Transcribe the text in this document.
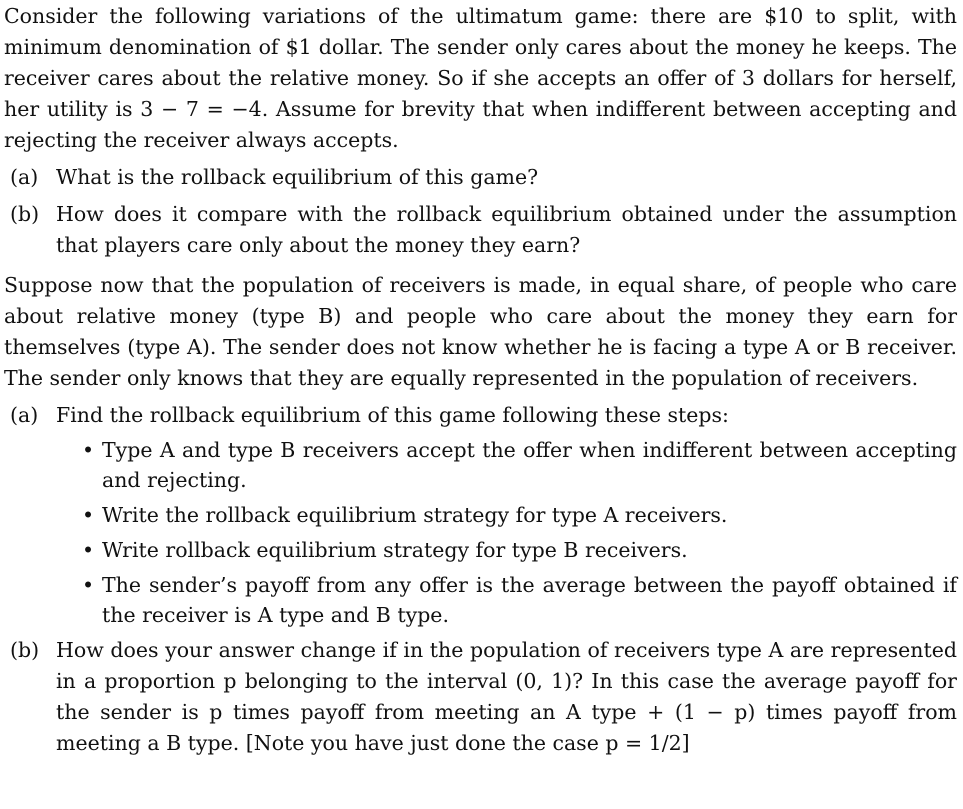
Consider the following variations of the ultimatum game: there are $10 to split, with minimum denomination of $1 dollar. The sender only cares about the money he keeps. The receiver cares about the relative money. So if she accepts an offer of 3 dollars for herself, her utility is 3 − 7 = −4. Assume for brevity that when indifferent between accepting and rejecting the receiver always accepts.

(a) What is the rollback equilibrium of this game?
(b) How does it compare with the rollback equilibrium obtained under the assumption that players care only about the money they earn?

Suppose now that the population of receivers is made, in equal share, of people who care about relative money (type B) and people who care about the money they earn for themselves (type A). The sender does not know whether he is facing a type A or B receiver. The sender only knows that they are equally represented in the population of receivers.

(a) Find the rollback equilibrium of this game following these steps:
• Type A and type B receivers accept the offer when indifferent between accepting and rejecting.
• Write the rollback equilibrium strategy for type A receivers.
• Write rollback equilibrium strategy for type B receivers.
• The sender’s payoff from any offer is the average between the payoff obtained if the receiver is A type and B type.
(b) How does your answer change if in the population of receivers type A are represented in a proportion p belonging to the interval (0, 1)? In this case the average payoff for the sender is p times payoff from meeting an A type + (1 − p) times payoff from meeting a B type. [Note you have just done the case p = 1/2]
